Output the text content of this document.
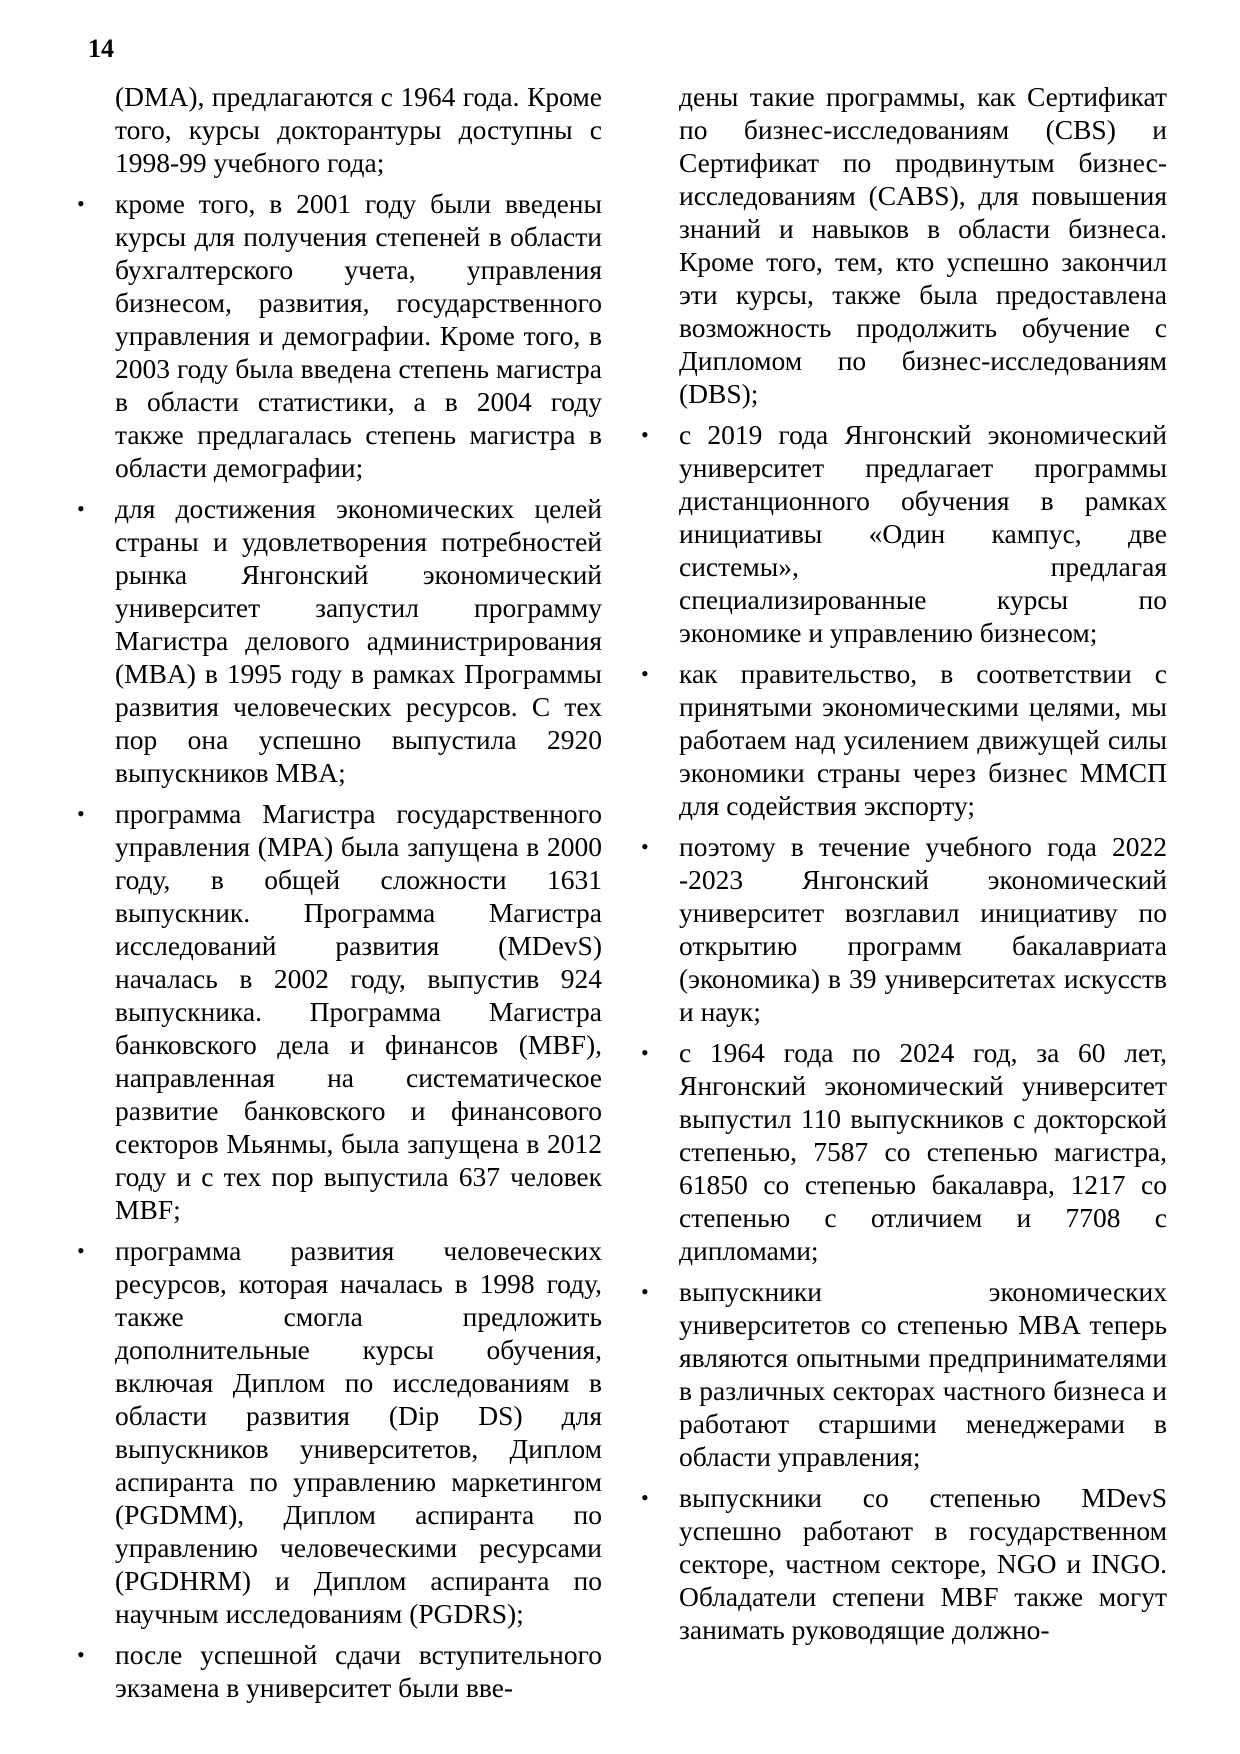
14

(DMA), предлагаются с 1964 года. Кроме того, курсы докторантуры доступны с 1998-99 учебного года;

• кроме того, в 2001 году были введены курсы для получения степеней в области бухгалтерского учета, управления бизнесом, развития, государственного управления и демографии. Кроме того, в 2003 году была введена степень магистра в области статистики, а в 2004 году также предлагалась степень магистра в области демографии;
• для достижения экономических целей страны и удовлетворения потребностей рынка Янгонский экономический университет запустил программу Магистра делового администрирования (MBA) в 1995 году в рамках Программы развития человеческих ресурсов. С тех пор она успешно выпустила 2920 выпускников MBA;
• программа Магистра государственного управления (MPA) была запущена в 2000 году, в общей сложности 1631 выпускник. Программа Магистра исследований развития (MDevS) началась в 2002 году, выпустив 924 выпускника. Программа Магистра банковского дела и финансов (MBF), направленная на систематическое развитие банковского и финансового секторов Мьянмы, была запущена в 2012 году и с тех пор выпустила 637 человек MBF;
• программа развития человеческих ресурсов, которая началась в 1998 году, также смогла предложить дополнительные курсы обучения, включая Диплом по исследованиям в области развития (Dip DS) для выпускников университетов, Диплом аспиранта по управлению маркетингом (PGDMM), Диплом аспиранта по управлению человеческими ресурсами (PGDHRM) и Диплом аспиранта по научным исследованиям (PGDRS);
• после успешной сдачи вступительного экзамена в университет были вве-

дены такие программы, как Сертификат по бизнес-исследованиям (CBS) и Сертификат по продвинутым бизнес-исследованиям (CABS), для повышения знаний и навыков в области бизнеса. Кроме того, тем, кто успешно закончил эти курсы, также была предоставлена возможность продолжить обучение с Дипломом по бизнес-исследованиям (DBS);

• с 2019 года Янгонский экономический университет предлагает программы дистанционного обучения в рамках инициативы «Один кампус, две системы», предлагая специализированные курсы по экономике и управлению бизнесом;
• как правительство, в соответствии с принятыми экономическими целями, мы работаем над усилением движущей силы экономики страны через бизнес ММСП для содействия экспорту;
• поэтому в течение учебного года 2022 -2023 Янгонский экономический университет возглавил инициативу по открытию программ бакалавриата (экономика) в 39 университетах искусств и наук;
• с 1964 года по 2024 год, за 60 лет, Янгонский экономический университет выпустил 110 выпускников с докторской степенью, 7587 со степенью магистра, 61850 со степенью бакалавра, 1217 со степенью с отличием и 7708 с дипломами;
• выпускники экономических университетов со степенью MBA теперь являются опытными предпринимателями в различных секторах частного бизнеса и работают старшими менеджерами в области управления;
• выпускники со степенью MDevS успешно работают в государственном секторе, частном секторе, NGO и INGO. Обладатели степени MBF также могут занимать руководящие должно-
